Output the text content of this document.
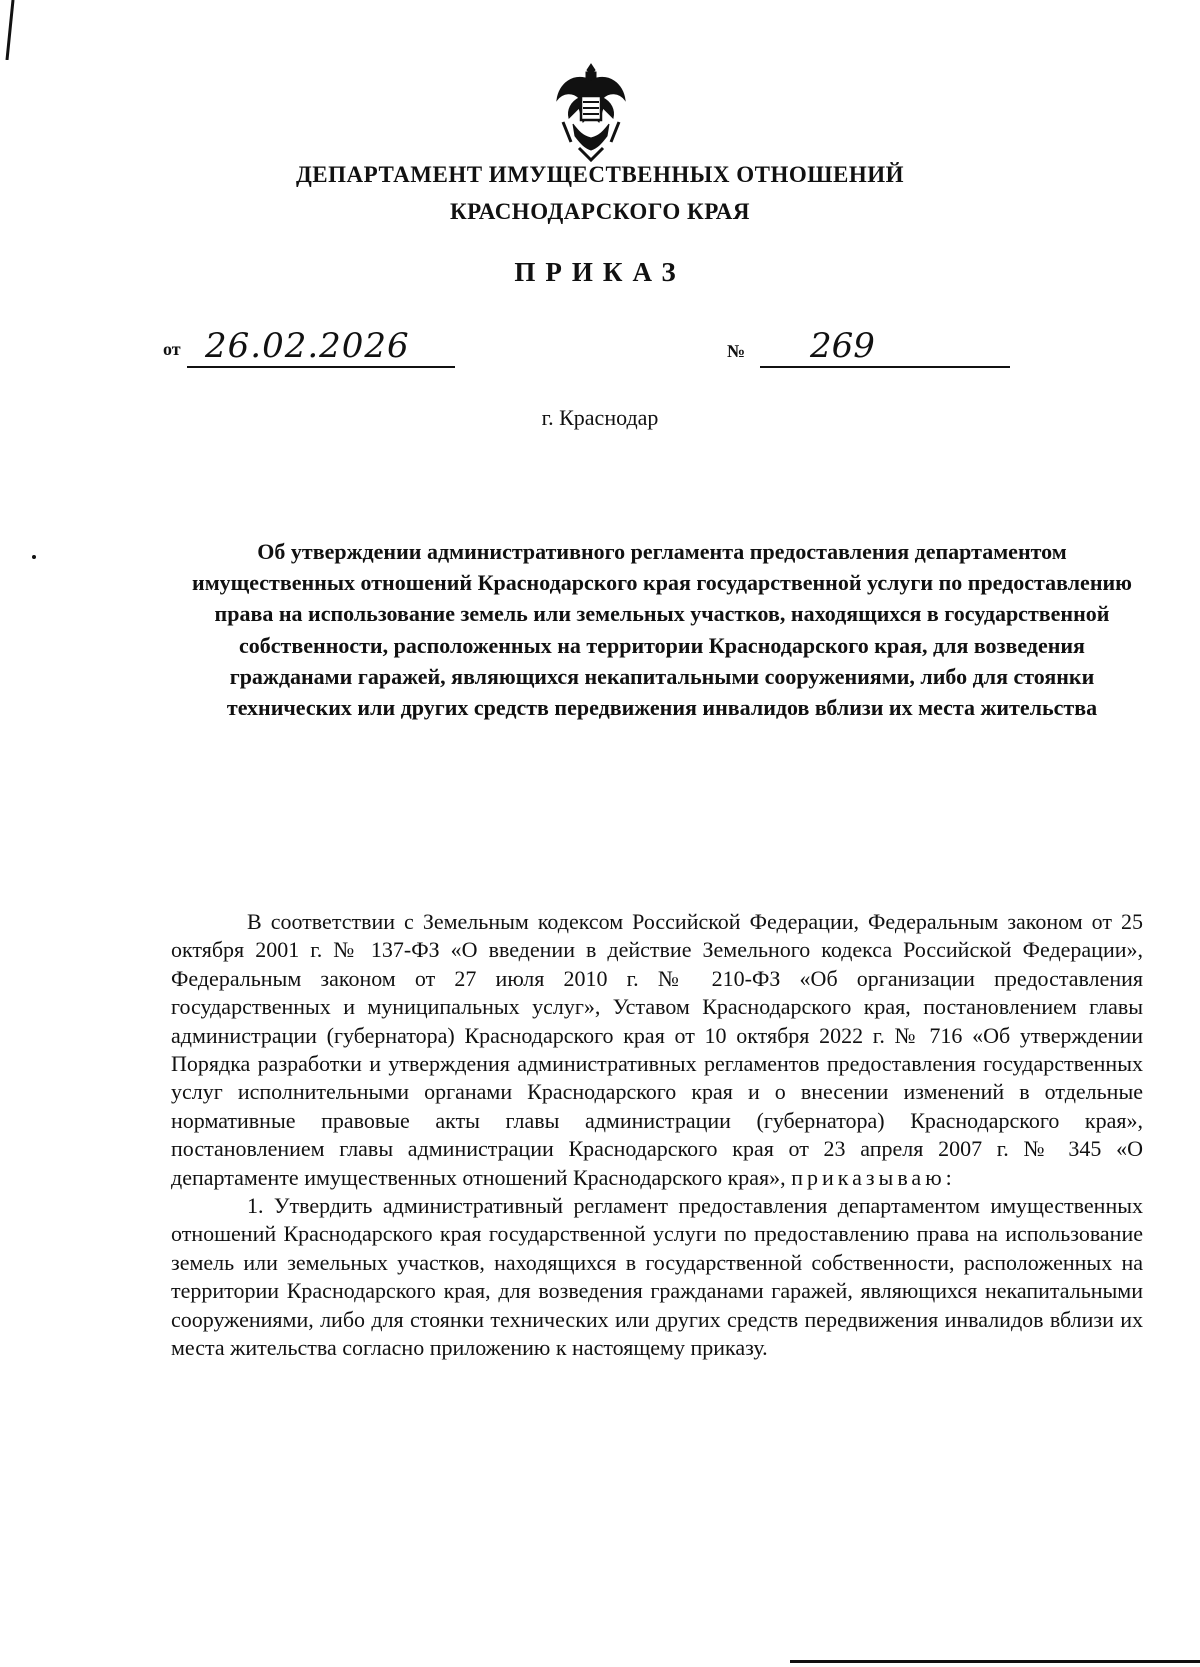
ДЕПАРТАМЕНТ ИМУЩЕСТВЕННЫХ ОТНОШЕНИЙ
КРАСНОДАРСКОГО КРАЯ
ПРИКАЗ
от 26.02.2026	№ 269
г. Краснодар
Об утверждении административного регламента предоставления департаментом имущественных отношений Краснодарского края государственной услуги по предоставлению права на использование земель или земельных участков, находящихся в государственной собственности, расположенных на территории Краснодарского края, для возведения гражданами гаражей, являющихся некапитальными сооружениями, либо для стоянки технических или других средств передвижения инвалидов вблизи их места жительства

В соответствии с Земельным кодексом Российской Федерации, Федеральным законом от 25 октября 2001 г. № 137-ФЗ «О введении в действие Земельного кодекса Российской Федерации», Федеральным законом от 27 июля 2010 г. № 210-ФЗ «Об организации предоставления государственных и муниципальных услуг», Уставом Краснодарского края, постановлением главы администрации (губернатора) Краснодарского края от 10 октября 2022 г. № 716 «Об утверждении Порядка разработки и утверждения административных регламентов предоставления государственных услуг исполнительными органами Краснодарского края и о внесении изменений в отдельные нормативные правовые акты главы администрации (губернатора) Краснодарского края», постановлением главы администрации Краснодарского края от 23 апреля 2007 г. № 345 «О департаменте имущественных отношений Краснодарского края», приказываю:

1. Утвердить административный регламент предоставления департаментом имущественных отношений Краснодарского края государственной услуги по предоставлению права на использование земель или земельных участков, находящихся в государственной собственности, расположенных на территории Краснодарского края, для возведения гражданами гаражей, являющихся некапитальными сооружениями, либо для стоянки технических или других средств передвижения инвалидов вблизи их места жительства согласно приложению к настоящему приказу.
